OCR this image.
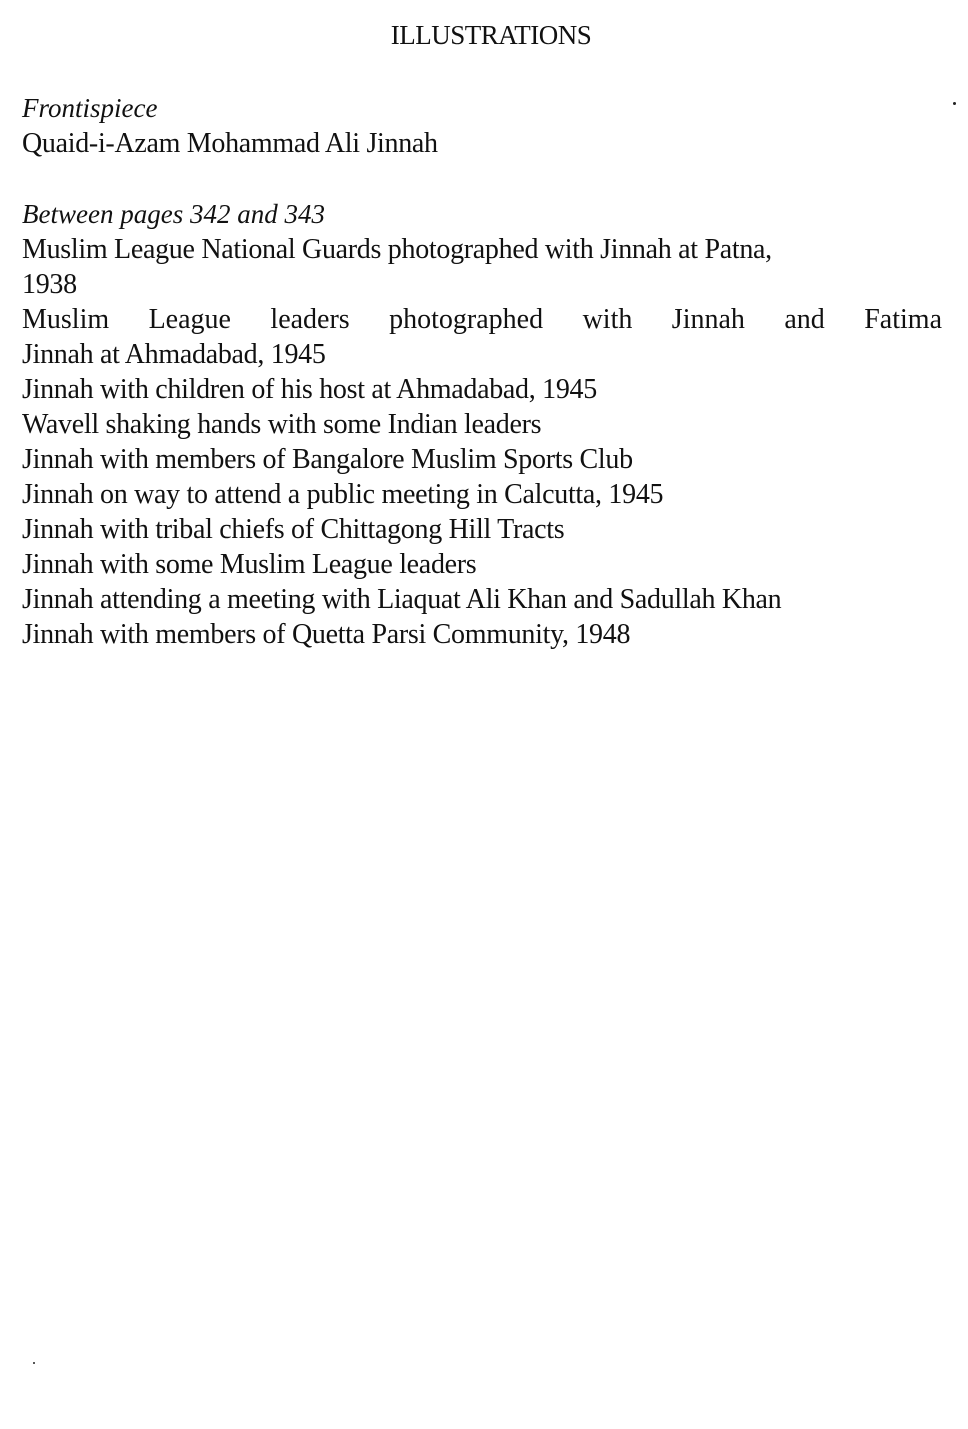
ILLUSTRATIONS
Frontispiece
Quaid-i-Azam Mohammad Ali Jinnah
Between pages 342 and 343
Muslim League National Guards photographed with Jinnah at Patna,
1938
Muslim League leaders photographed with Jinnah and Fatima
Jinnah at Ahmadabad, 1945
Jinnah with children of his host at Ahmadabad, 1945
Wavell shaking hands with some Indian leaders
Jinnah with members of Bangalore Muslim Sports Club
Jinnah on way to attend a public meeting in Calcutta, 1945
Jinnah with tribal chiefs of Chittagong Hill Tracts
Jinnah with some Muslim League leaders
Jinnah attending a meeting with Liaquat Ali Khan and Sadullah Khan
Jinnah with members of Quetta Parsi Community, 1948
